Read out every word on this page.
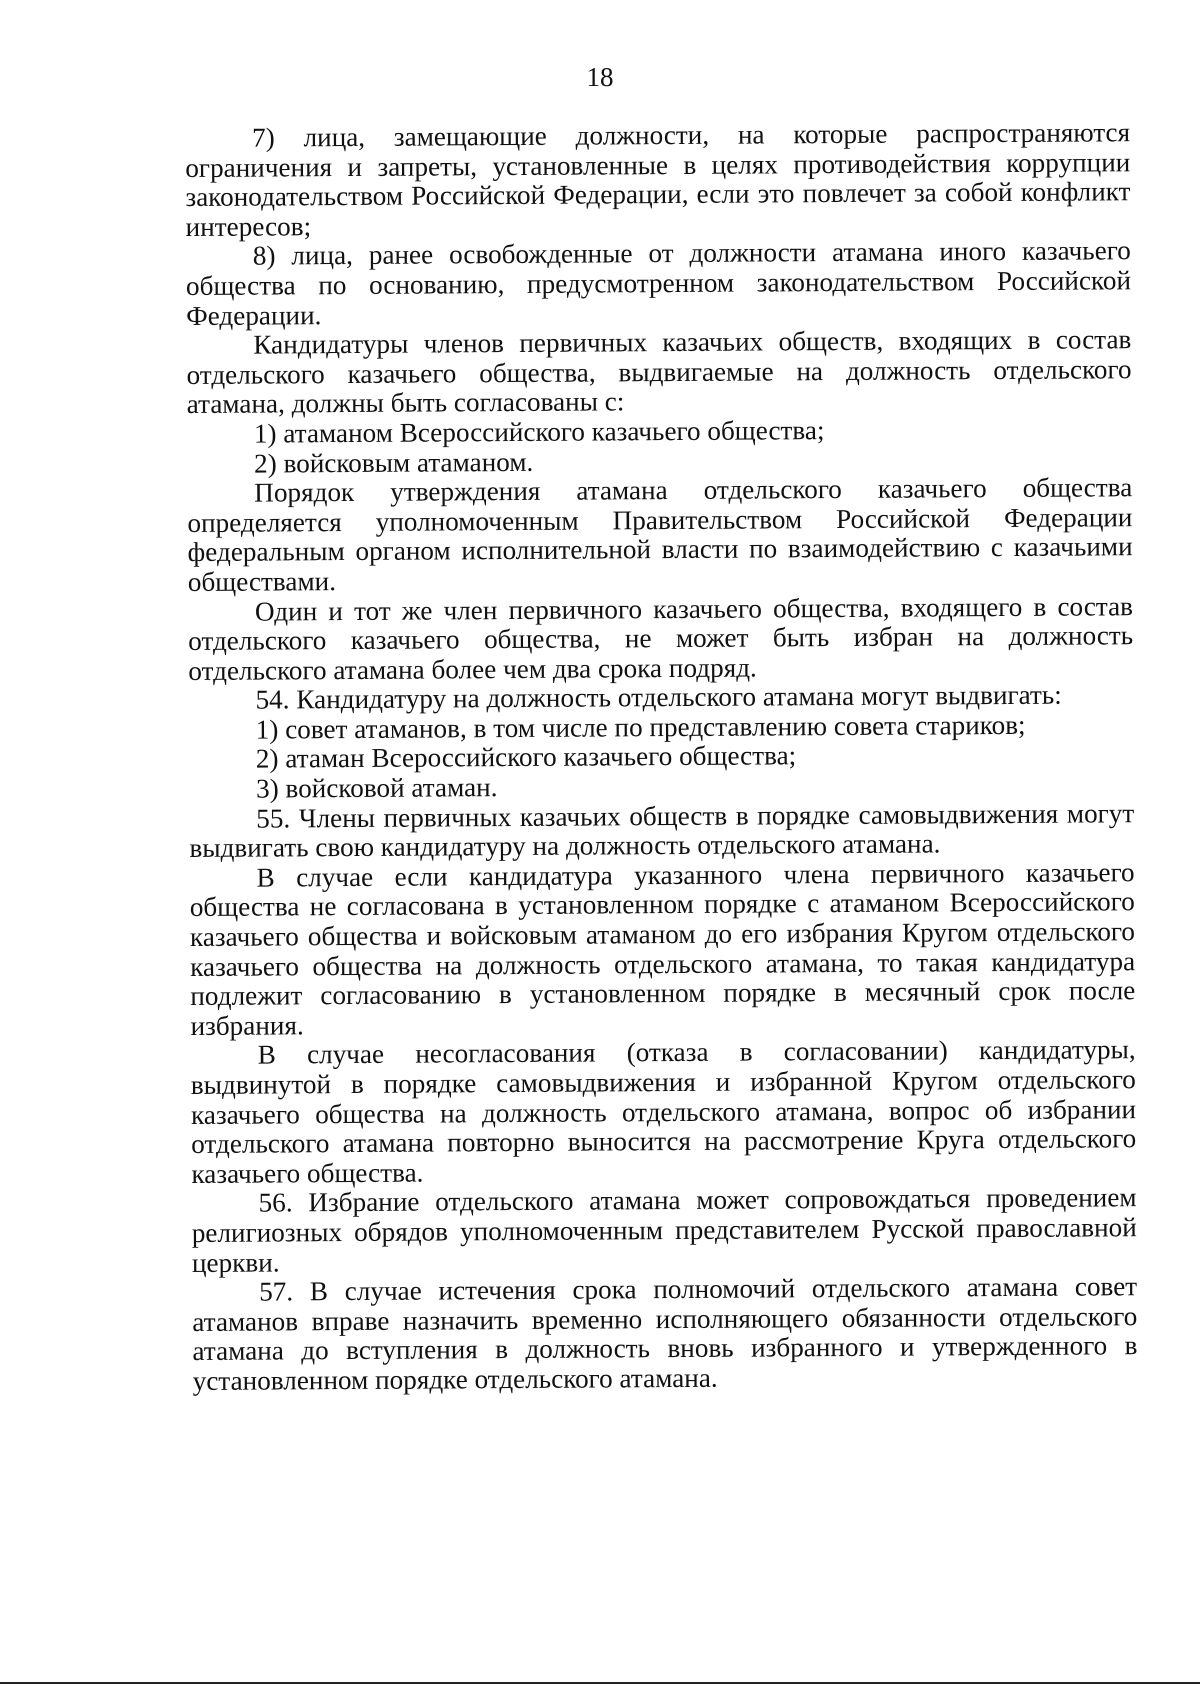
18

7) лица, замещающие должности, на которые распространяются ограничения и запреты, установленные в целях противодействия коррупции законодательством Российской Федерации, если это повлечет за собой конфликт интересов;

8) лица, ранее освобожденные от должности атамана иного казачьего общества по основанию, предусмотренном законодательством Российской Федерации.

Кандидатуры членов первичных казачьих обществ, входящих в состав отдельского казачьего общества, выдвигаемые на должность отдельского атамана, должны быть согласованы с:

1) атаманом Всероссийского казачьего общества;

2) войсковым атаманом.

Порядок утверждения атамана отдельского казачьего общества определяется уполномоченным Правительством Российской Федерации федеральным органом исполнительной власти по взаимодействию с казачьими обществами.

Один и тот же член первичного казачьего общества, входящего в состав отдельского казачьего общества, не может быть избран на должность отдельского атамана более чем два срока подряд.

54. Кандидатуру на должность отдельского атамана могут выдвигать:

1) совет атаманов, в том числе по представлению совета стариков;

2) атаман Всероссийского казачьего общества;

3) войсковой атаман.

55. Члены первичных казачьих обществ в порядке самовыдвижения могут выдвигать свою кандидатуру на должность отдельского атамана.

В случае если кандидатура указанного члена первичного казачьего общества не согласована в установленном порядке с атаманом Всероссийского казачьего общества и войсковым атаманом до его избрания Кругом отдельского казачьего общества на должность отдельского атамана, то такая кандидатура подлежит согласованию в установленном порядке в месячный срок после избрания.

В случае несогласования (отказа в согласовании) кандидатуры, выдвинутой в порядке самовыдвижения и избранной Кругом отдельского казачьего общества на должность отдельского атамана, вопрос об избрании отдельского атамана повторно выносится на рассмотрение Круга отдельского казачьего общества.

56. Избрание отдельского атамана может сопровождаться проведением религиозных обрядов уполномоченным представителем Русской православной церкви.

57. В случае истечения срока полномочий отдельского атамана совет атаманов вправе назначить временно исполняющего обязанности отдельского атамана до вступления в должность вновь избранного и утвержденного в установленном порядке отдельского атамана.
